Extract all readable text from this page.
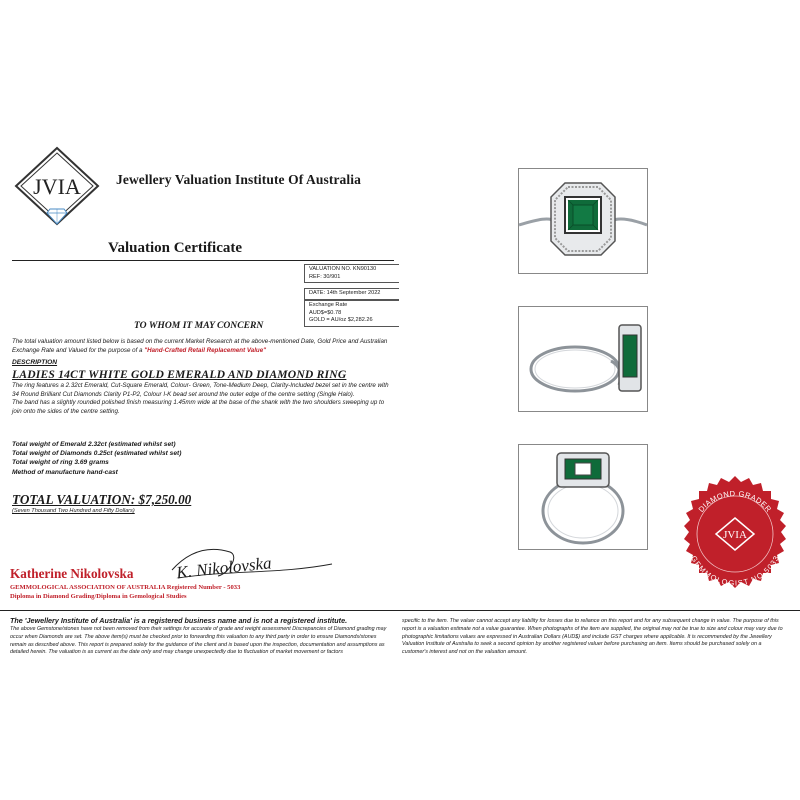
JVIA	Jewellery Valuation Institute Of Australia
Valuation Certificate
VALUATION NO. KN90130
REF: 30/901
DATE: 14th September 2022
Exchange Rate
AUD$=$0.78
GOLD = AU/oz $2,282.26
TO WHOM IT MAY CONCERN
The total valuation amount listed below is based on the current Market Research at the above-mentioned Date, Gold Price and Australian Exchange Rate and Valued for the purpose of a "Hand-Crafted Retail Replacement Value"
DESCRIPTION
LADIES 14CT WHITE GOLD EMERALD AND DIAMOND RING
The ring features a 2.32ct Emerald, Cut-Square Emerald, Colour- Green, Tone-Medium Deep, Clarity-Included bezel set in the centre with 34 Round Brilliant Cut Diamonds Clarity P1-P2, Colour I-K bead set around the outer edge of the centre setting (Single Halo).
The band has a slightly rounded polished finish measuring 1.45mm wide at the base of the shank with the two shoulders sweeping up to join onto the sides of the centre setting.
Total weight of Emerald 2.32ct (estimated whilst set)
Total weight of Diamonds 0.25ct (estimated whilst set)
Total weight of ring 3.69 grams
Method of manufacture hand-cast
TOTAL VALUATION: $7,250.00
(Seven Thousand Two Hundred and Fifty Dollars)
K. Nikolovska
Katherine Nikolovska
GEMMOLOGICAL ASSOCIATION OF AUSTRALIA Registered Number - 5033
Diploma in Diamond Grading/Diploma in Gemological Studies
The 'Jewellery Institute of Australia' is a registered business name and is not a registered institute.
The above Gemstone/stones have not been removed from their settings for accurate of grade and weight assessment Discrepancies of Diamond grading may occur when Diamonds are set. The above item(s) must be checked prior to forwarding this valuation to any third party in order to ensure Diamonds/stones remain as described above. This report is prepared solely for the guidance of the client and is based upon the inspection, documentation and assumptions as detailed herein. The valuation is as current as the date only and may change unexpectedly due to fluctuation of market movement or factors
specific to the item. The valuer cannot accept any liability for losses due to reliance on this report and for any subsequent change in value. The purpose of this report is a valuation estimate not a value guarantee. When photographs of the item are supplied, the original may not be true to size and colour may vary due to photographic limitations values are expressed in Australian Dollars (AUD$) and include GST charges where applicable. It is recommended by the Jewellery Valuation Institute of Australia to seek a second opinion by another registered valuer before purchasing an item. Items should be purchased solely on a customer's interest and not on the valuation amount.
JVIA
DIAMOND GRADER
GEMMOLOGIST NO 5033
